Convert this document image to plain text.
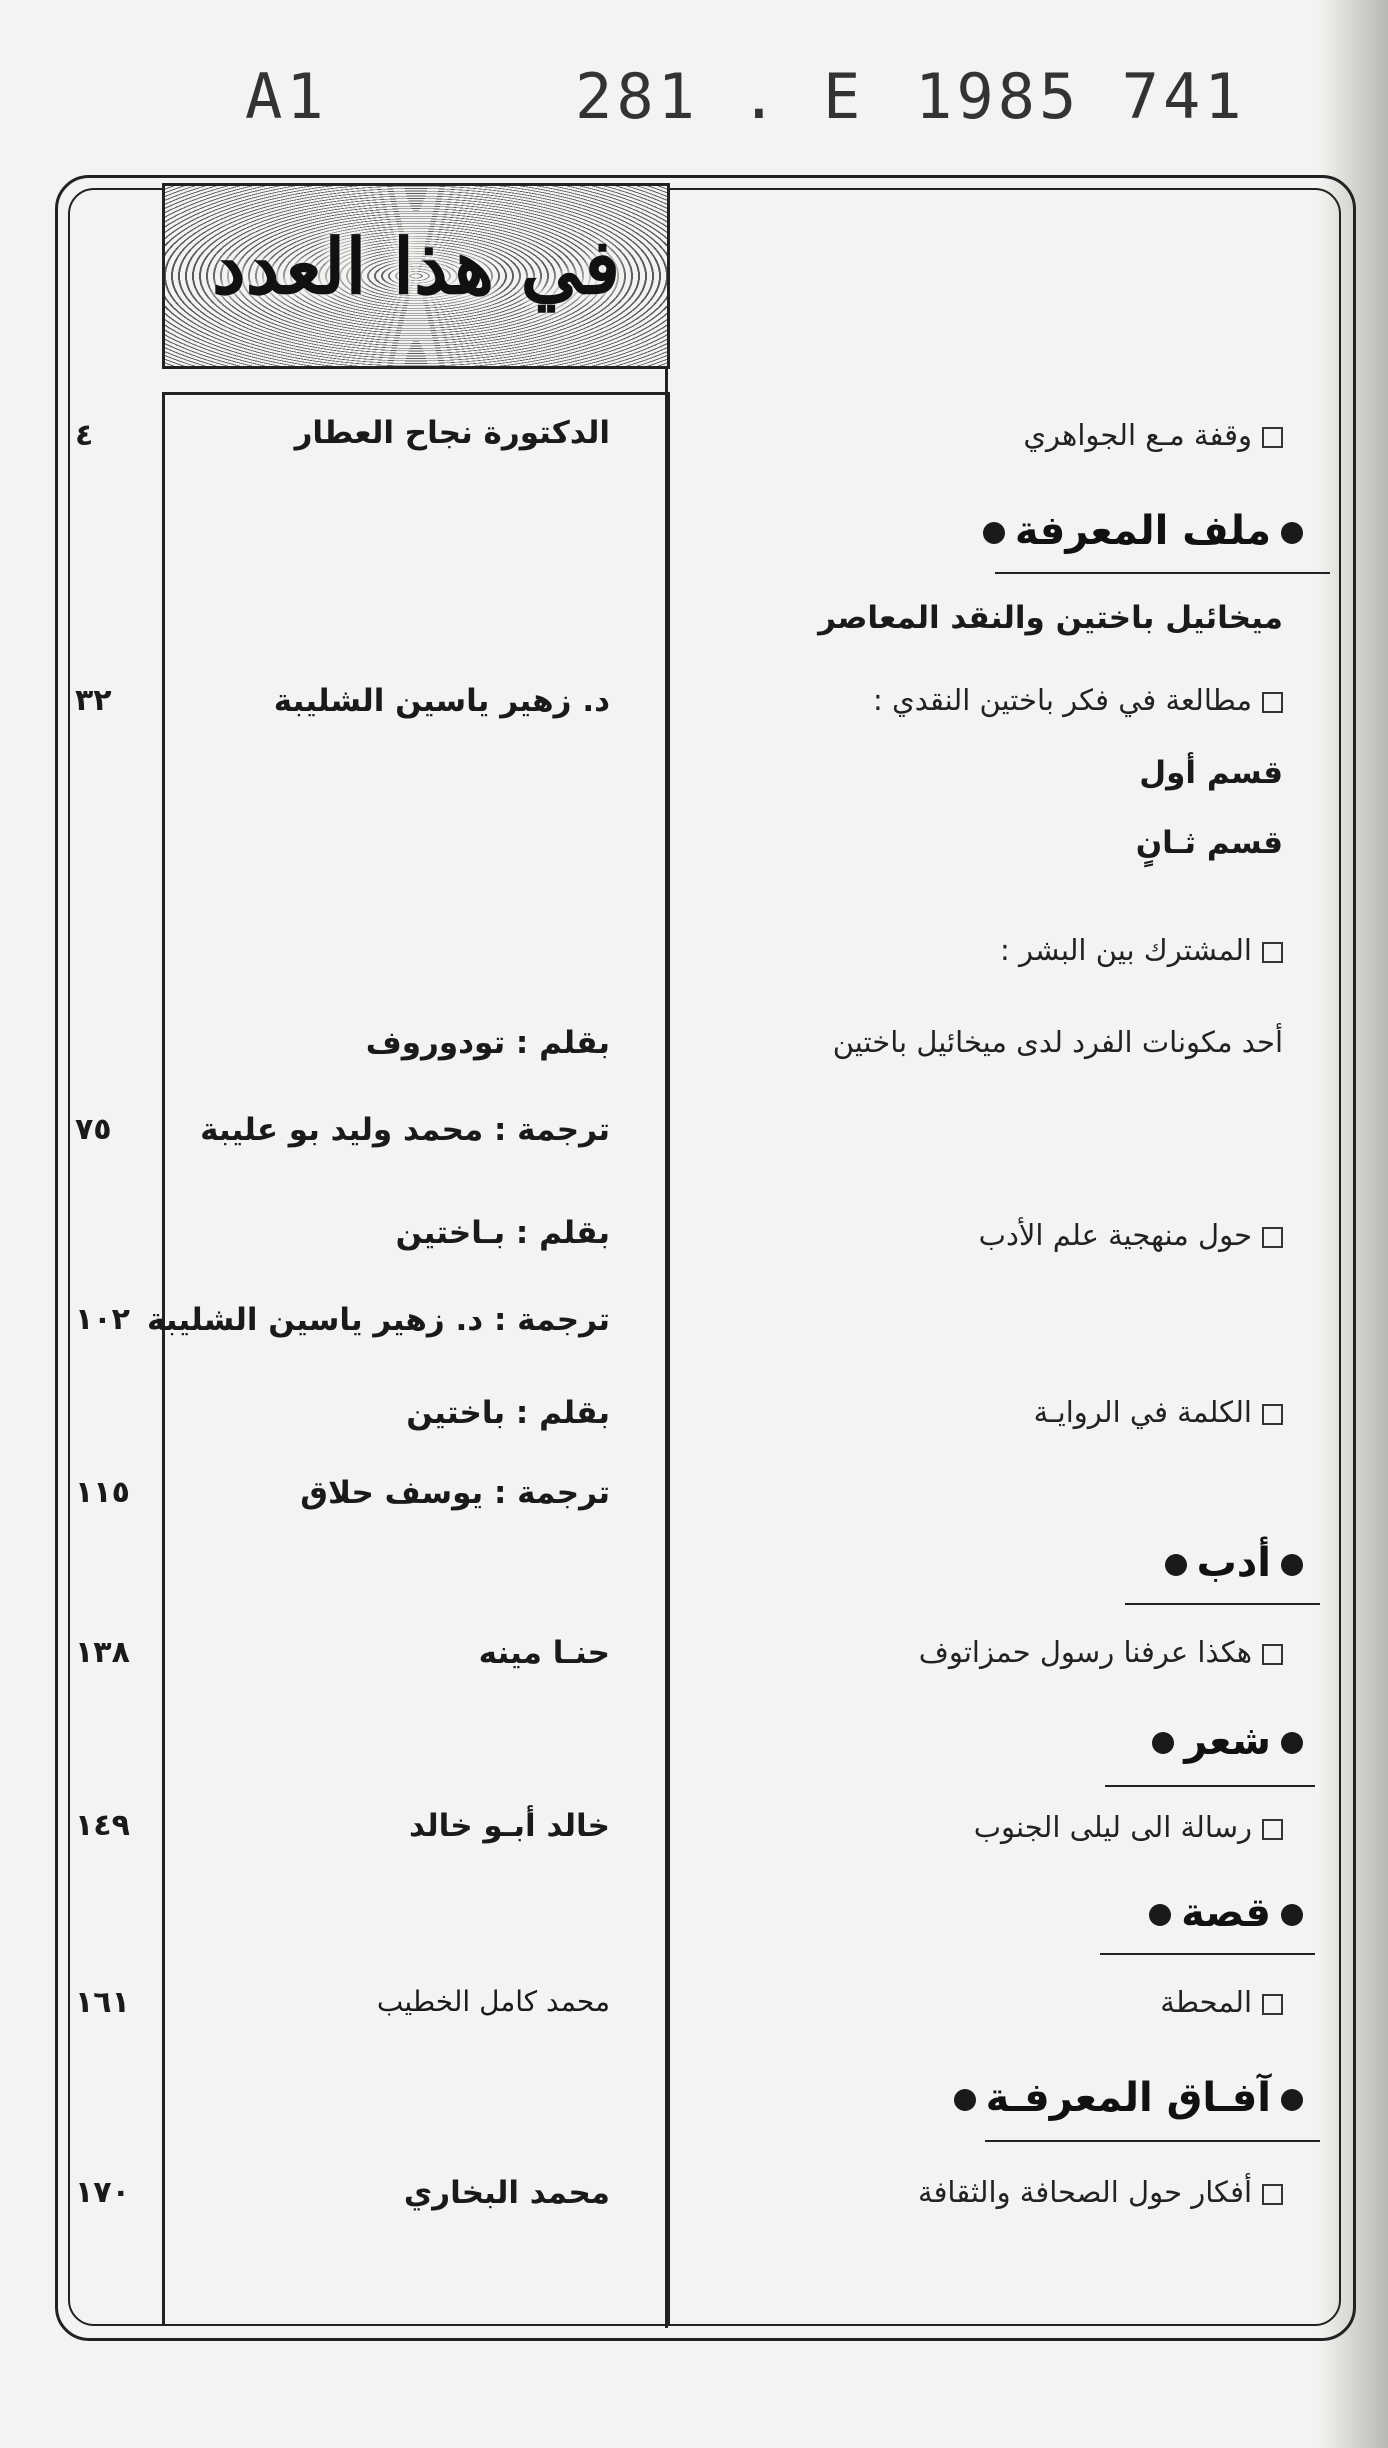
A1	281 . E 1985 741
في هذا العدد
وقفة مـع الجواهري
الدكتورة نجاح العطار
٤
ملف المعرفة
ميخائيل باختين والنقد المعاصر
مطالعة في فكر باختين النقدي :
د. زهير ياسين الشليبة
٣٢
قسم أول
قسم ثـانٍ
المشترك بين البشر :
أحد مكونات الفرد لدى ميخائيل باختين
بقلم : تودوروف
ترجمة : محمد وليد بو عليبة
٧٥
حول منهجية علم الأدب
بقلم : بـاختين
ترجمة : د. زهير ياسين الشليبة
١٠٢
الكلمة في الروايـة
بقلم : باختين
ترجمة : يوسف حلاق
١١٥
أدب
هكذا عرفنا رسول حمزاتوف
حنـا مينه
١٣٨
شعر
رسالة الى ليلى الجنوب
خالد أبـو خالد
١٤٩
قصة
المحطة
محمد كامل الخطيب
١٦١
آفـاق المعرفـة
أفكار حول الصحافة والثقافة
محمد البخاري
١٧٠
